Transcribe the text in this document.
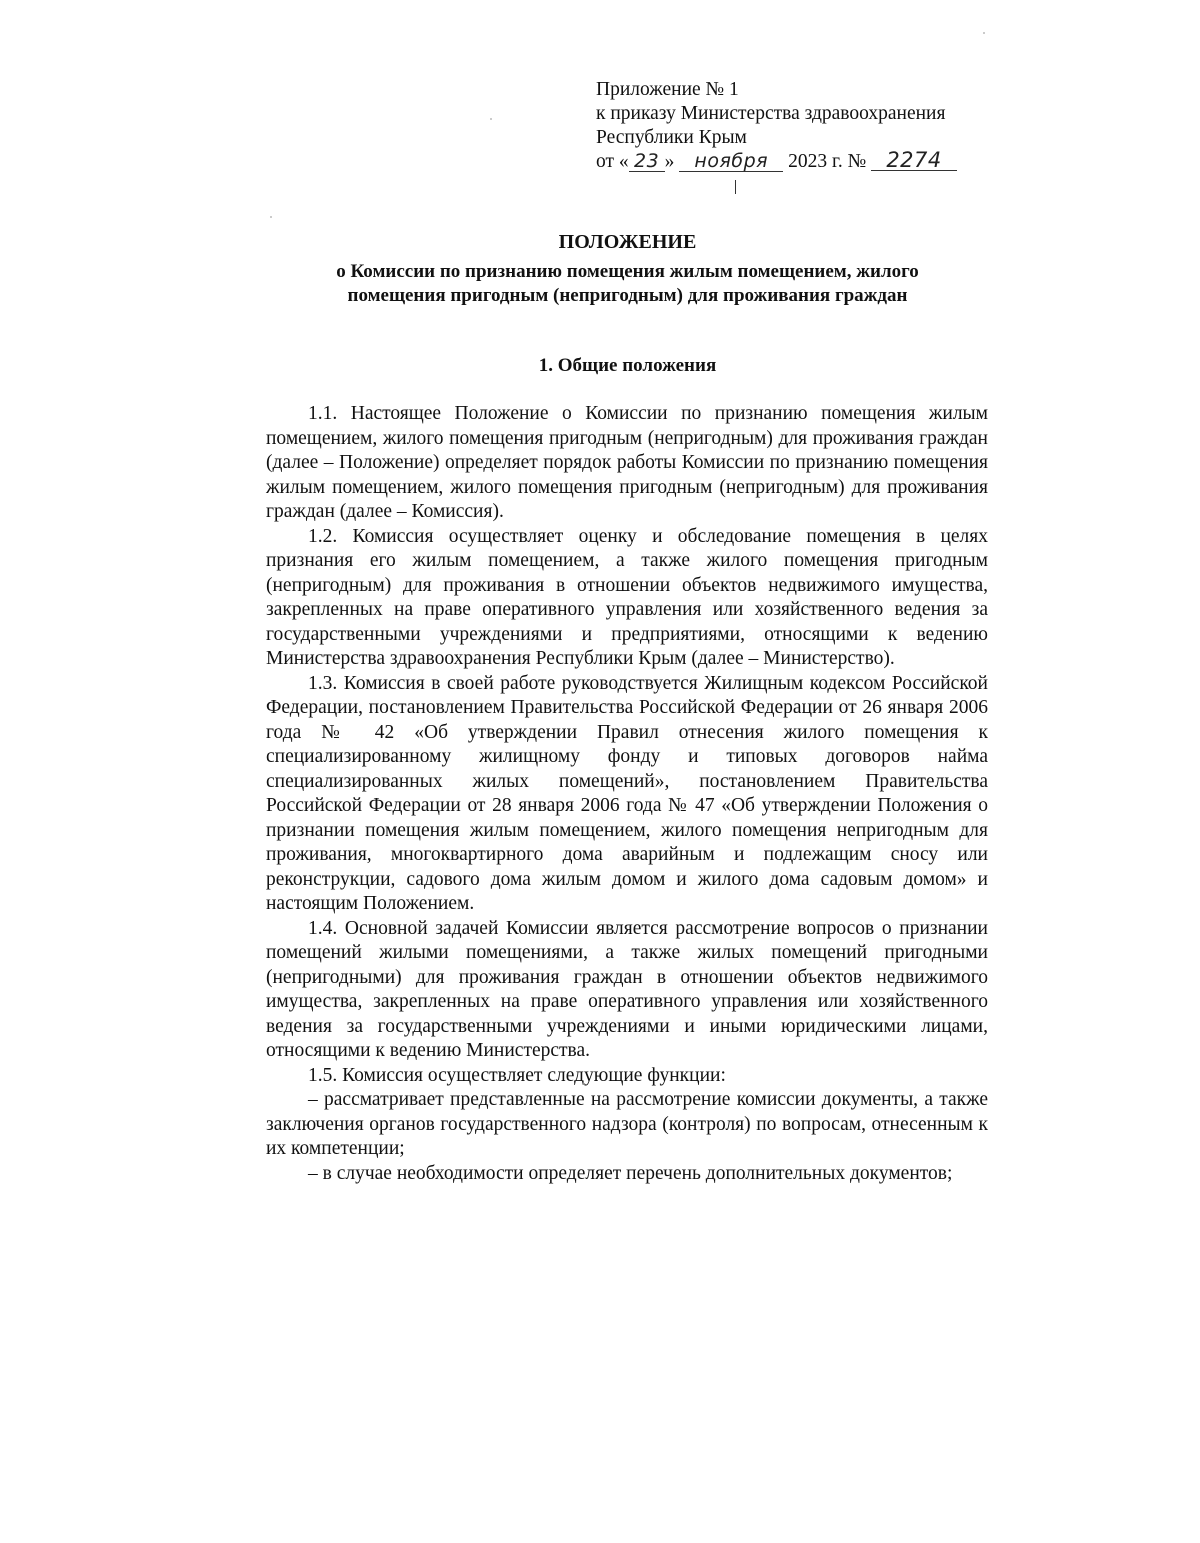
Приложение № 1
к приказу Министерства здравоохранения
Республики Крым
от « 23 » ноября 2023 г. № 2274
ПОЛОЖЕНИЕ
о Комиссии по признанию помещения жилым помещением, жилого помещения пригодным (непригодным) для проживания граждан
1. Общие положения

1.1. Настоящее Положение о Комиссии по признанию помещения жилым помещением, жилого помещения пригодным (непригодным) для проживания граждан (далее – Положение) определяет порядок работы Комиссии по признанию помещения жилым помещением, жилого помещения пригодным (непригодным) для проживания граждан (далее – Комиссия).

1.2. Комиссия осуществляет оценку и обследование помещения в целях признания его жилым помещением, а также жилого помещения пригодным (непригодным) для проживания в отношении объектов недвижимого имущества, закрепленных на праве оперативного управления или хозяйственного ведения за государственными учреждениями и предприятиями, относящими к ведению Министерства здравоохранения Республики Крым (далее – Министерство).

1.3. Комиссия в своей работе руководствуется Жилищным кодексом Российской Федерации, постановлением Правительства Российской Федерации от 26 января 2006 года № 42 «Об утверждении Правил отнесения жилого помещения к специализированному жилищному фонду и типовых договоров найма специализированных жилых помещений», постановлением Правительства Российской Федерации от 28 января 2006 года № 47 «Об утверждении Положения о признании помещения жилым помещением, жилого помещения непригодным для проживания, многоквартирного дома аварийным и подлежащим сносу или реконструкции, садового дома жилым домом и жилого дома садовым домом» и настоящим Положением.

1.4. Основной задачей Комиссии является рассмотрение вопросов о признании помещений жилыми помещениями, а также жилых помещений пригодными (непригодными) для проживания граждан в отношении объектов недвижимого имущества, закрепленных на праве оперативного управления или хозяйственного ведения за государственными учреждениями и иными юридическими лицами, относящими к ведению Министерства.

1.5. Комиссия осуществляет следующие функции:

– рассматривает представленные на рассмотрение комиссии документы, а также заключения органов государственного надзора (контроля) по вопросам, отнесенным к их компетенции;

– в случае необходимости определяет перечень дополнительных документов;
